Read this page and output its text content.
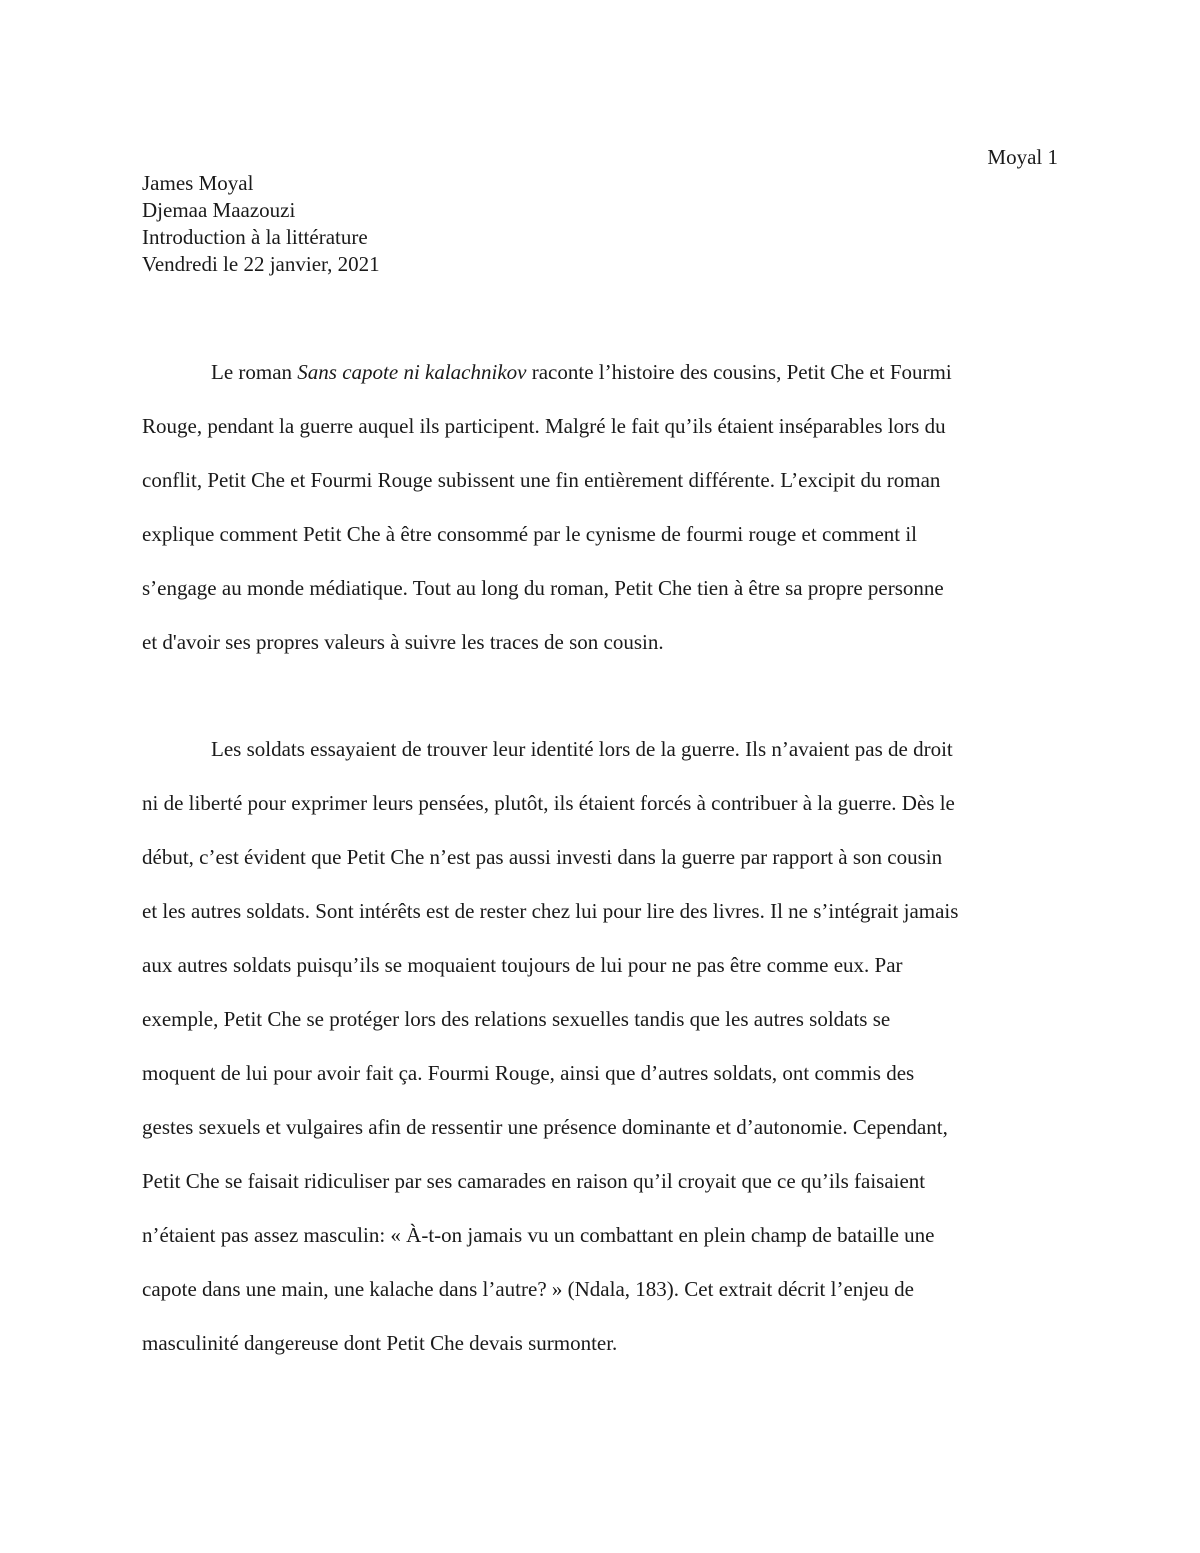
Moyal 1
James Moyal
Djemaa Maazouzi
Introduction à la littérature
Vendredi le 22 janvier, 2021

Le roman Sans capote ni kalachnikov raconte l’histoire des cousins, Petit Che et Fourmi
Rouge, pendant la guerre auquel ils participent. Malgré le fait qu’ils étaient inséparables lors du
conflit, Petit Che et Fourmi Rouge subissent une fin entièrement différente. L’excipit du roman
explique comment Petit Che à être consommé par le cynisme de fourmi rouge et comment il
s’engage au monde médiatique. Tout au long du roman, Petit Che tien à être sa propre personne
et d'avoir ses propres valeurs à suivre les traces de son cousin.

Les soldats essayaient de trouver leur identité lors de la guerre. Ils n’avaient pas de droit
ni de liberté pour exprimer leurs pensées, plutôt, ils étaient forcés à contribuer à la guerre. Dès le
début, c’est évident que Petit Che n’est pas aussi investi dans la guerre par rapport à son cousin
et les autres soldats. Sont intérêts est de rester chez lui pour lire des livres. Il ne s’intégrait jamais
aux autres soldats puisqu’ils se moquaient toujours de lui pour ne pas être comme eux. Par
exemple, Petit Che se protéger lors des relations sexuelles tandis que les autres soldats se
moquent de lui pour avoir fait ça. Fourmi Rouge, ainsi que d’autres soldats, ont commis des
gestes sexuels et vulgaires afin de ressentir une présence dominante et d’autonomie. Cependant,
Petit Che se faisait ridiculiser par ses camarades en raison qu’il croyait que ce qu’ils faisaient
n’étaient pas assez masculin: « À-t-on jamais vu un combattant en plein champ de bataille une
capote dans une main, une kalache dans l’autre? » (Ndala, 183). Cet extrait décrit l’enjeu de
masculinité dangereuse dont Petit Che devais surmonter.
